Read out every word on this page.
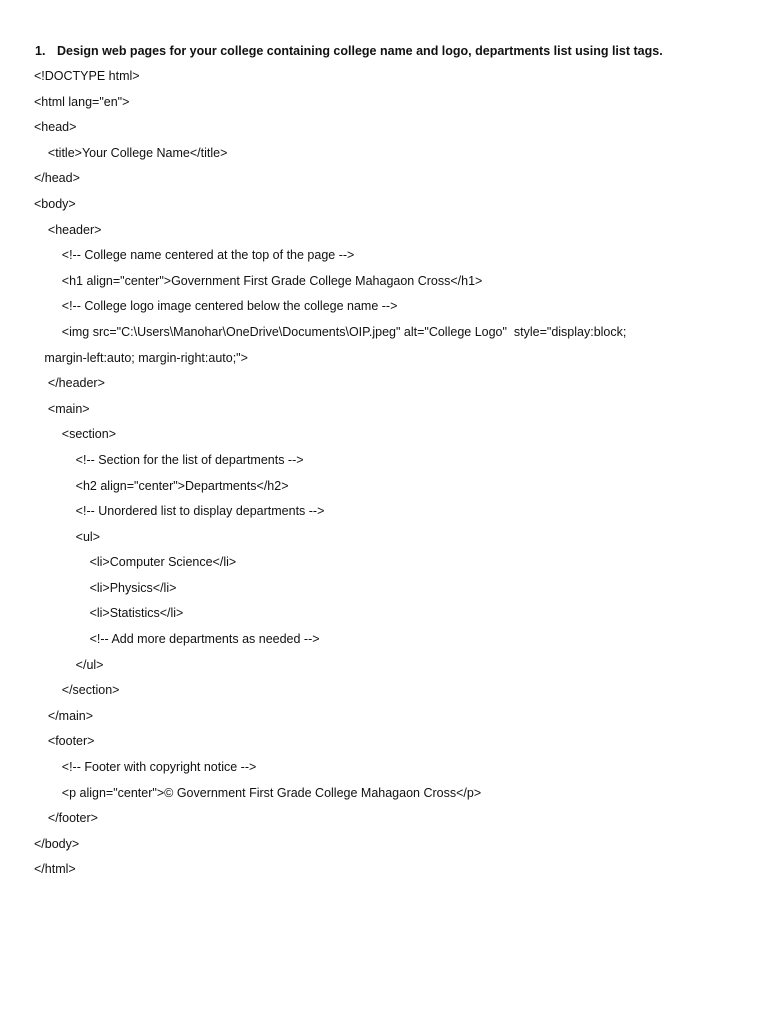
1. Design web pages for your college containing college name and logo, departments list using list tags.
<!DOCTYPE html>
<html lang="en">
<head>
<title>Your College Name</title>
</head>
<body>
<header>
<!-- College name centered at the top of the page -->
<h1 align="center">Government First Grade College Mahagaon Cross</h1>
<!-- College logo image centered below the college name -->
<img src="C:\Users\Manohar\OneDrive\Documents\OIP.jpeg" alt="College Logo"  style="display:block;
margin-left:auto; margin-right:auto;">
</header>
<main>
<section>
<!-- Section for the list of departments -->
<h2 align="center">Departments</h2>
<!-- Unordered list to display departments -->
<ul>
<li>Computer Science</li>
<li>Physics</li>
<li>Statistics</li>
<!-- Add more departments as needed -->
</ul>
</section>
</main>
<footer>
<!-- Footer with copyright notice -->
<p align="center">© Government First Grade College Mahagaon Cross</p>
</footer>
</body>
</html>
